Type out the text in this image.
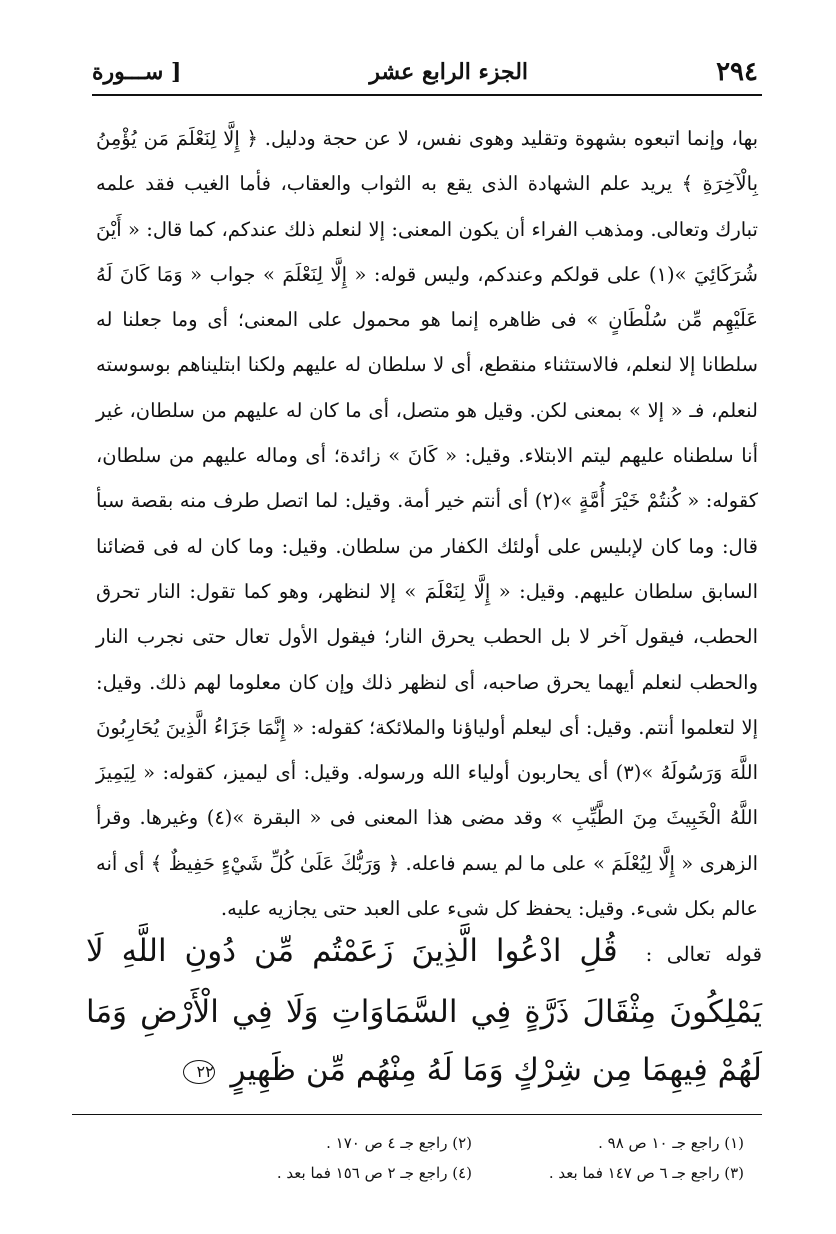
٢٩٤
الجزء الرابع عشر
[ ســـورة

بها، وإنما اتبعوه بشهوة وتقليد وهوى نفس، لا عن حجة ودليل. ﴿ إِلَّا لِنَعْلَمَ مَن يُؤْمِنُ بِالْآخِرَةِ ﴾ يريد علم الشهادة الذى يقع به الثواب والعقاب، فأما الغيب فقد علمه تبارك وتعالى. ومذهب الفراء أن يكون المعنى: إلا لنعلم ذلك عندكم، كما قال: « أَيْنَ شُرَكَائِيَ »(١) على قولكم وعندكم، وليس قوله: « إِلَّا لِنَعْلَمَ » جواب « وَمَا كَانَ لَهُ عَلَيْهِم مِّن سُلْطَانٍ » فى ظاهره إنما هو محمول على المعنى؛ أى وما جعلنا له سلطانا إلا لنعلم، فالاستثناء منقطع، أى لا سلطان له عليهم ولكنا ابتليناهم بوسوسته لنعلم، فـ « إلا » بمعنى لكن. وقيل هو متصل، أى ما كان له عليهم من سلطان، غير أنا سلطناه عليهم ليتم الابتلاء. وقيل: « كَانَ » زائدة؛ أى وماله عليهم من سلطان، كقوله: « كُنتُمْ خَيْرَ أُمَّةٍ »(٢) أى أنتم خير أمة. وقيل: لما اتصل طرف منه بقصة سبأ قال: وما كان لإبليس على أولئك الكفار من سلطان. وقيل: وما كان له فى قضائنا السابق سلطان عليهم. وقيل: « إِلَّا لِنَعْلَمَ » إلا لنظهر، وهو كما تقول: النار تحرق الحطب، فيقول آخر لا بل الحطب يحرق النار؛ فيقول الأول تعال حتى نجرب النار والحطب لنعلم أيهما يحرق صاحبه، أى لنظهر ذلك وإن كان معلوما لهم ذلك. وقيل: إلا لتعلموا أنتم. وقيل: أى ليعلم أولياؤنا والملائكة؛ كقوله: « إِنَّمَا جَزَاءُ الَّذِينَ يُحَارِبُونَ اللَّهَ وَرَسُولَهُ »(٣) أى يحاربون أولياء الله ورسوله. وقيل: أى ليميز، كقوله: « لِيَمِيزَ اللَّهُ الْخَبِيثَ مِنَ الطَّيِّبِ » وقد مضى هذا المعنى فى « البقرة »(٤) وغيرها. وقرأ الزهرى « إِلَّا لِيُعْلَمَ » على ما لم يسم فاعله. ﴿ وَرَبُّكَ عَلَىٰ كُلِّ شَيْءٍ حَفِيظٌ ﴾ أى أنه عالم بكل شىء. وقيل: يحفظ كل شىء على العبد حتى يجازيه عليه.

قوله تعالى : قُلِ ادْعُوا الَّذِينَ زَعَمْتُم مِّن دُونِ اللَّهِ لَا يَمْلِكُونَ مِثْقَالَ ذَرَّةٍ فِي السَّمَاوَاتِ وَلَا فِي الْأَرْضِ وَمَا لَهُمْ فِيهِمَا مِن شِرْكٍ وَمَا لَهُ مِنْهُم مِّن ظَهِيرٍ ٢٢
(١) راجع جـ ١٠ ص ٩٨ .
(٢) راجع جـ ٤ ص ١٧٠ .
(٣) راجع جـ ٦ ص ١٤٧ فما بعد .
(٤) راجع جـ ٢ ص ١٥٦ فما بعد .
